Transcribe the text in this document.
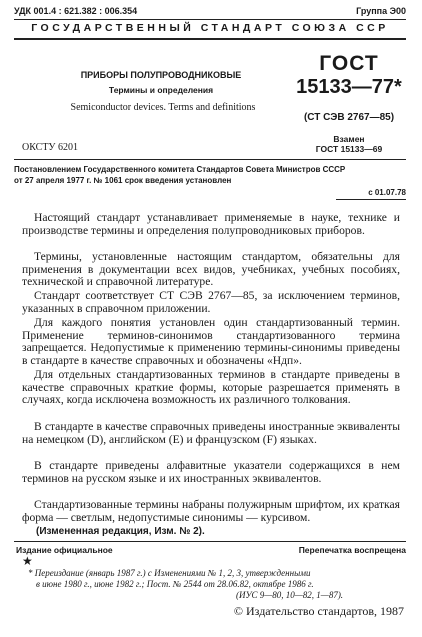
УДК 001.4 : 621.382 : 006.354	Группа Э00
ГОСУДАРСТВЕННЫЙ СТАНДАРТ СОЮЗА ССР
ПРИБОРЫ ПОЛУПРОВОДНИКОВЫЕ
Термины и определения
Semiconductor devices. Terms and definitions
ГОСТ
15133—77*
(СТ СЭВ 2767—85)
Взамен
ГОСТ 15133—69
ОКСТУ 6201
Постановлением Государственного комитета Стандартов Совета Министров СССР
от 27 апреля 1977 г. № 1061 срок введения установлен
с 01.07.78
Настоящий стандарт устанавливает применяемые в науке, технике и производстве термины и определения полупроводниковых приборов.
Термины, установленные настоящим стандартом, обязательны для применения в документации всех видов, учебниках, учебных пособиях, технической и справочной литературе.
Стандарт соответствует СТ СЭВ 2767—85, за исключением терминов, указанных в справочном приложении.
Для каждого понятия установлен один стандартизованный термин. Применение терминов-синонимов стандартизованного термина запрещается. Недопустимые к применению термины-синонимы приведены в стандарте в качестве справочных и обозначены «Ндп».
Для отдельных стандартизованных терминов в стандарте приведены в качестве справочных краткие формы, которые разрешается применять в случаях, когда исключена возможность их различного толкования.
В стандарте в качестве справочных приведены иностранные эквиваленты на немецком (D), английском (E) и французском (F) языках.
В стандарте приведены алфавитные указатели содержащихся в нем терминов на русском языке и их иностранных эквивалентов.
Стандартизованные термины набраны полужирным шрифтом, их краткая форма — светлым, недопустимые синонимы — курсивом.
(Измененная редакция, Изм. № 2).
Издание официальное	Перепечатка воспрещена
★
* Переиздание (январь 1987 г.) с Изменениями № 1, 2, 3, утвержденными
в июне 1980 г., июне 1982 г.; Пост. № 2544 от 28.06.82, октябре 1986 г.
(ИУС 9—80, 10—82, 1—87).
© Издательство стандартов, 1987
